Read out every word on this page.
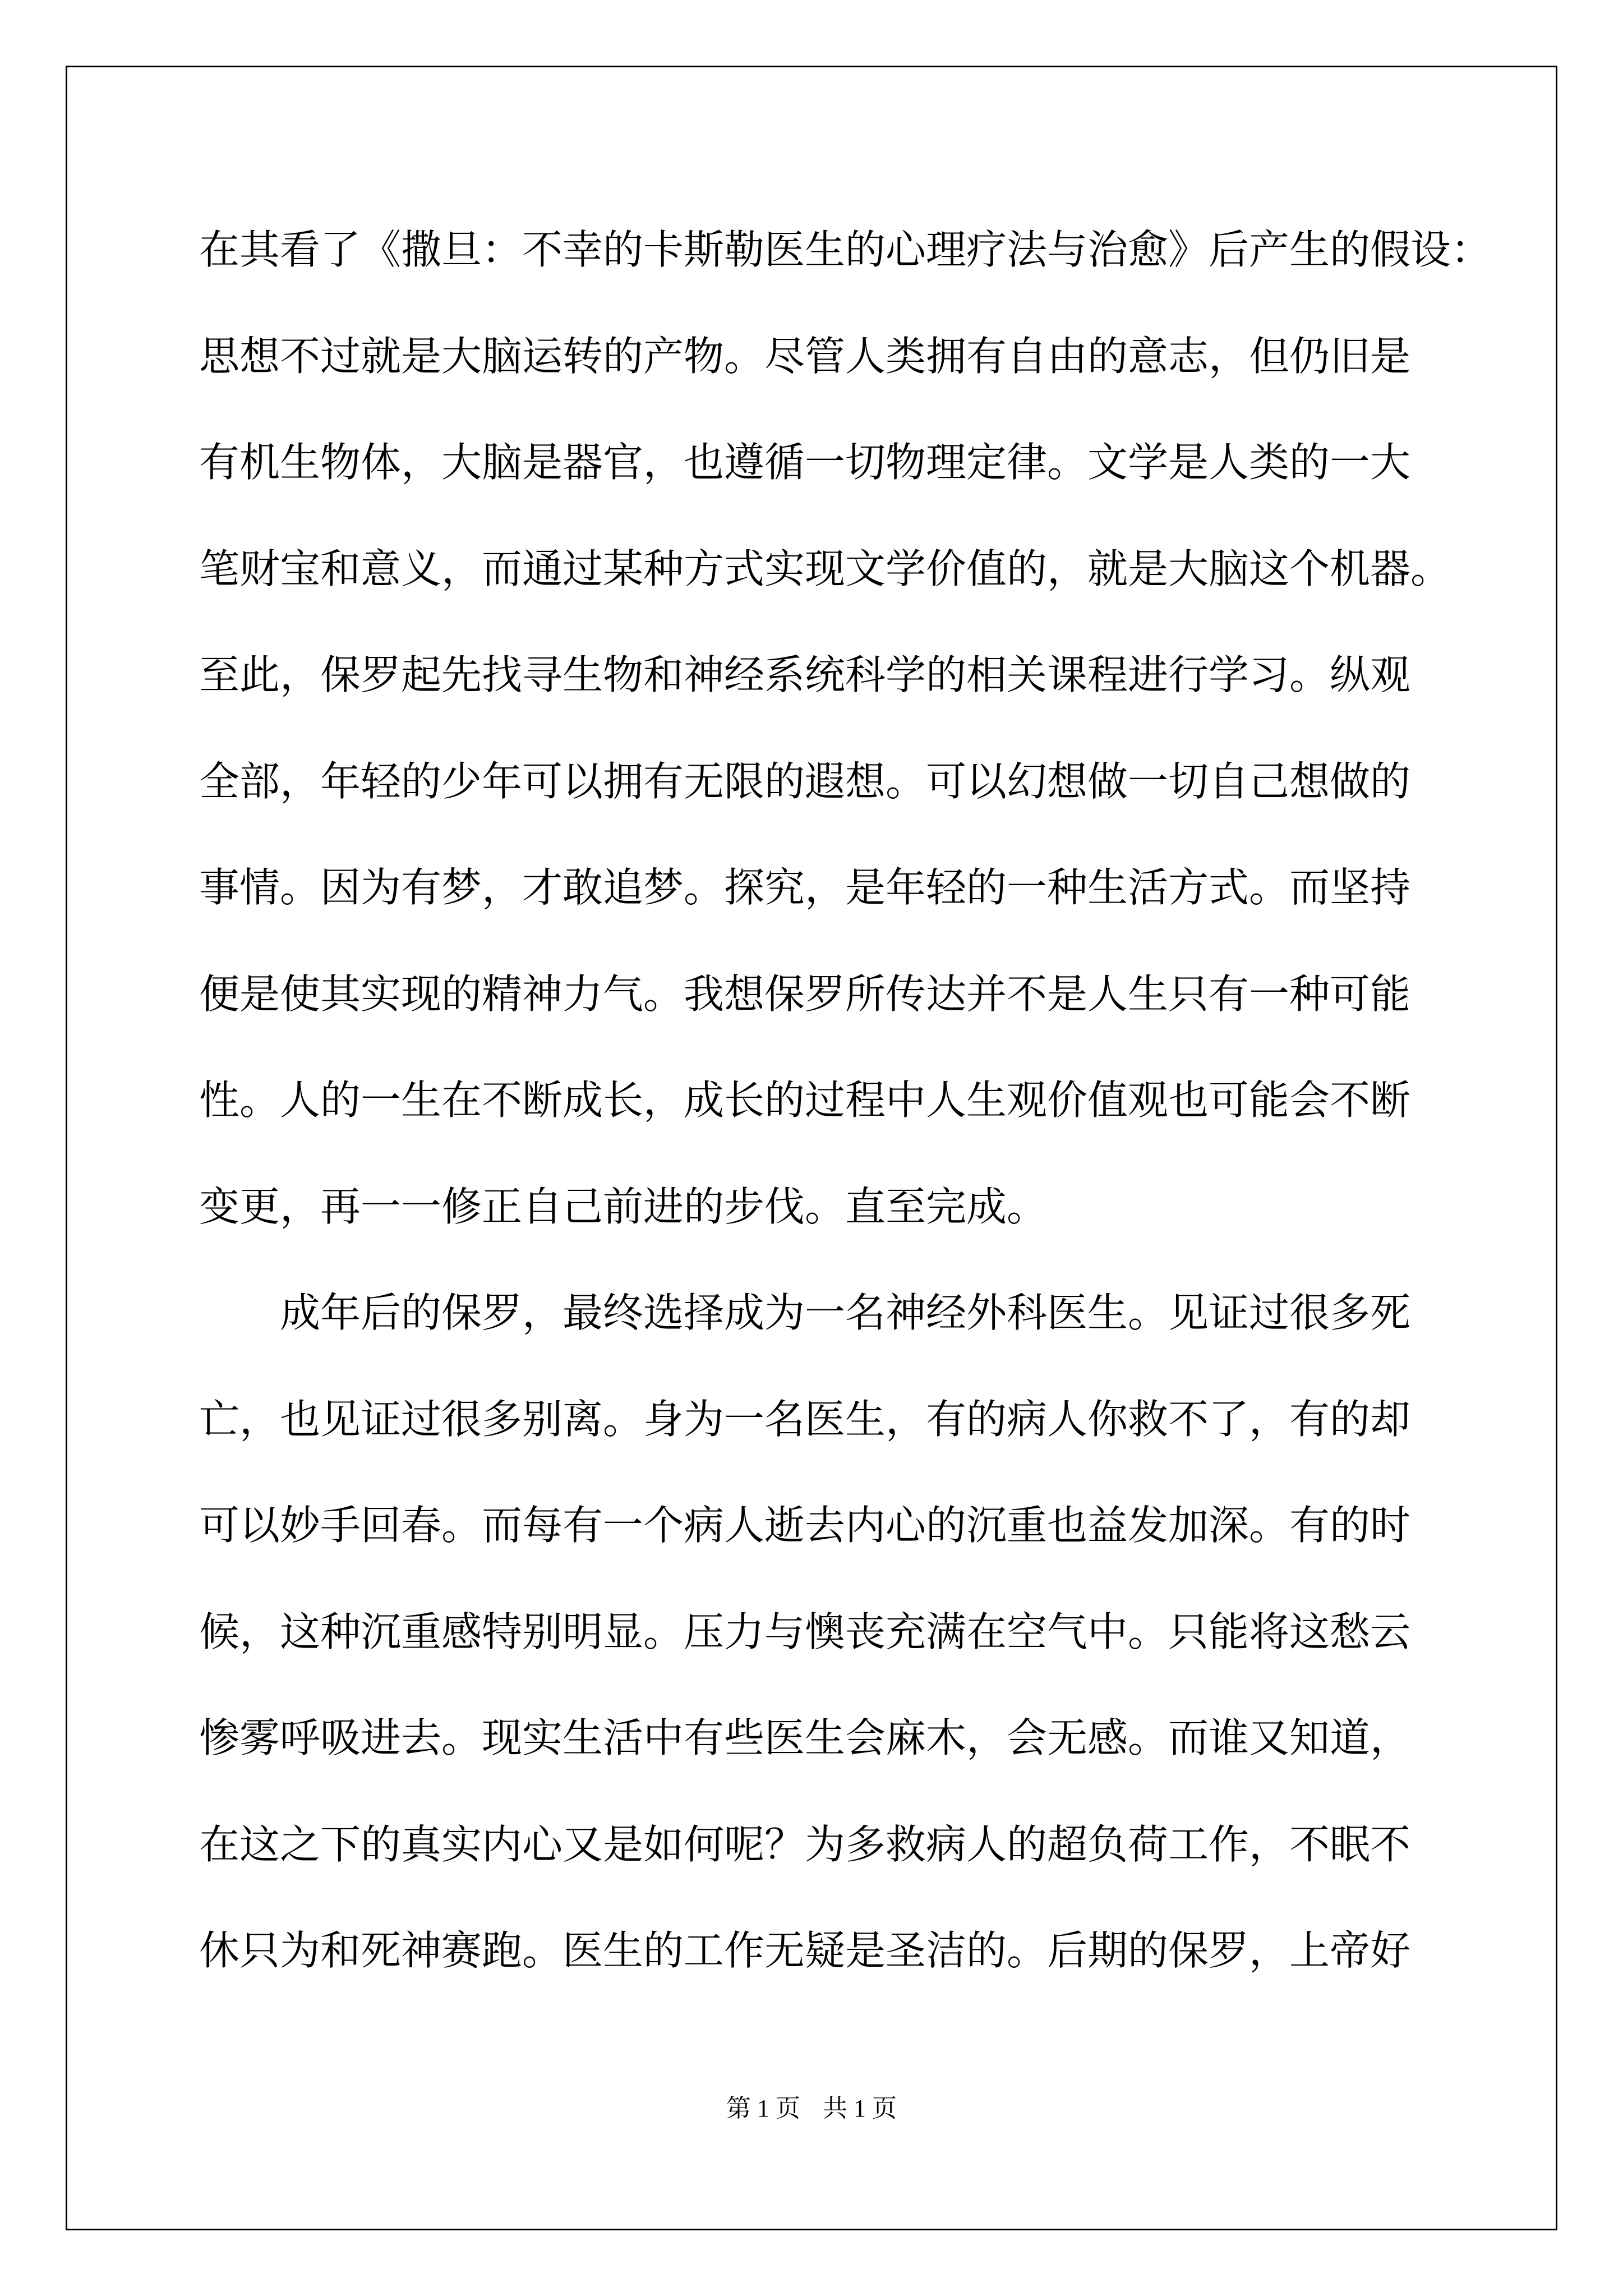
在其看了《撒旦：不幸的卡斯勒医生的心理疗法与治愈》后产生的假设：
思想不过就是大脑运转的产物。尽管人类拥有自由的意志，但仍旧是
有机生物体，大脑是器官，也遵循一切物理定律。文学是人类的一大
笔财宝和意义，而通过某种方式实现文学价值的，就是大脑这个机器。
至此，保罗起先找寻生物和神经系统科学的相关课程进行学习。纵观
全部，年轻的少年可以拥有无限的遐想。可以幻想做一切自己想做的
事情。因为有梦，才敢追梦。探究，是年轻的一种生活方式。而坚持
便是使其实现的精神力气。我想保罗所传达并不是人生只有一种可能
性。人的一生在不断成长，成长的过程中人生观价值观也可能会不断
变更，再一一修正自己前进的步伐。直至完成。
成年后的保罗，最终选择成为一名神经外科医生。见证过很多死
亡，也见证过很多别离。身为一名医生，有的病人你救不了，有的却
可以妙手回春。而每有一个病人逝去内心的沉重也益发加深。有的时
候，这种沉重感特别明显。压力与懊丧充满在空气中。只能将这愁云
惨雾呼吸进去。现实生活中有些医生会麻木，会无感。而谁又知道，
在这之下的真实内心又是如何呢？为多救病人的超负荷工作，不眠不
休只为和死神赛跑。医生的工作无疑是圣洁的。后期的保罗，上帝好
第 1 页 共 1 页
